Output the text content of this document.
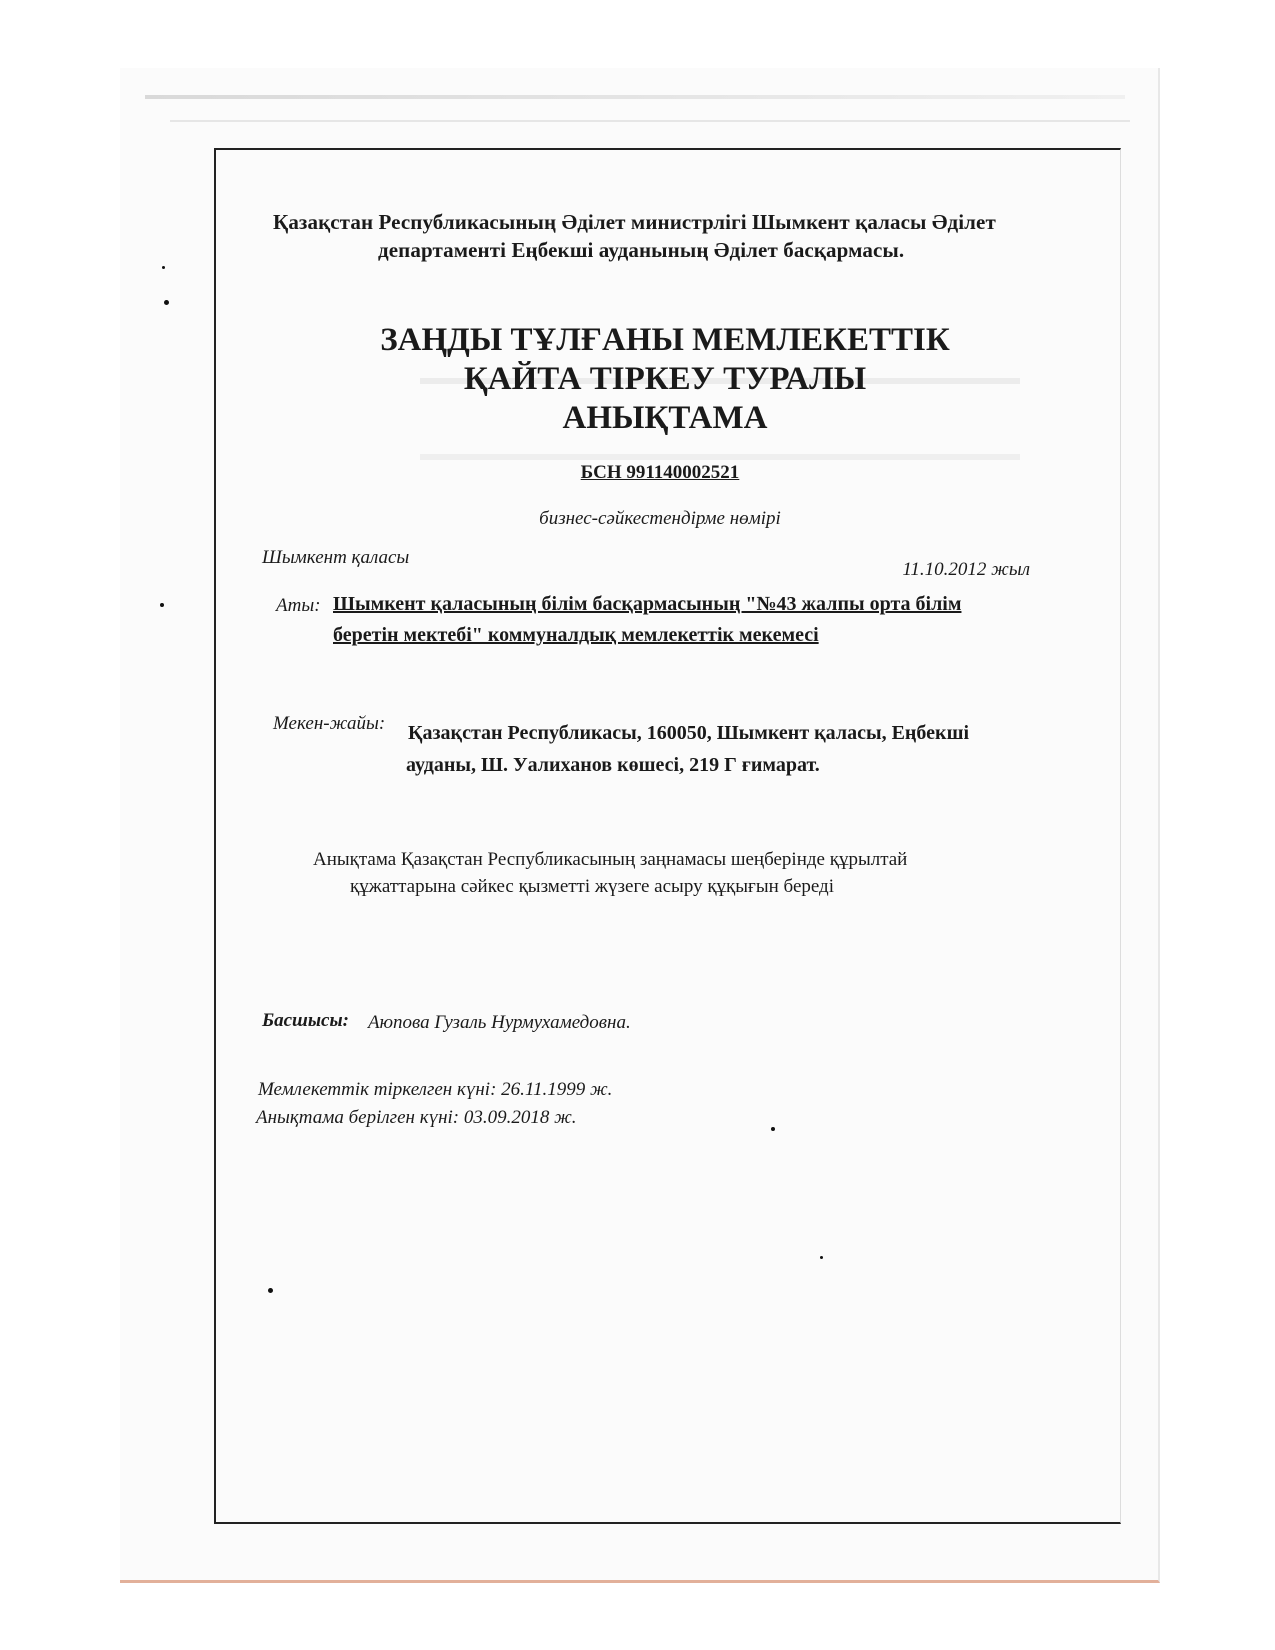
Қазақстан Республикасының Әділет министрлігі Шымкент қаласы Әділет
департаменті Еңбекші ауданының Әділет басқармасы.
ЗАҢДЫ ТҰЛҒАНЫ МЕМЛЕКЕТТІК
ҚАЙТА ТІРКЕУ ТУРАЛЫ
АНЫҚТАМА
БСН 991140002521
бизнес-сәйкестендірме нөмірі
Шымкент қаласы
11.10.2012 жыл
Аты: Шымкент қаласының білім басқармасының "№43 жалпы орта білім
беретін мектебі" коммуналдық мемлекеттік мекемесі
Мекен-жайы: Қазақстан Республикасы, 160050, Шымкент қаласы, Еңбекші
ауданы, Ш. Уалиханов көшесі, 219 Г ғимарат.
Анықтама Қазақстан Республикасының заңнамасы шеңберінде құрылтай
құжаттарына сәйкес қызметті жүзеге асыру құқығын береді
Басшысы: Аюпова Гузаль Нурмухамедовна.
Мемлекеттік тіркелген күні: 26.11.1999 ж.
Анықтама берілген күні: 03.09.2018 ж.
